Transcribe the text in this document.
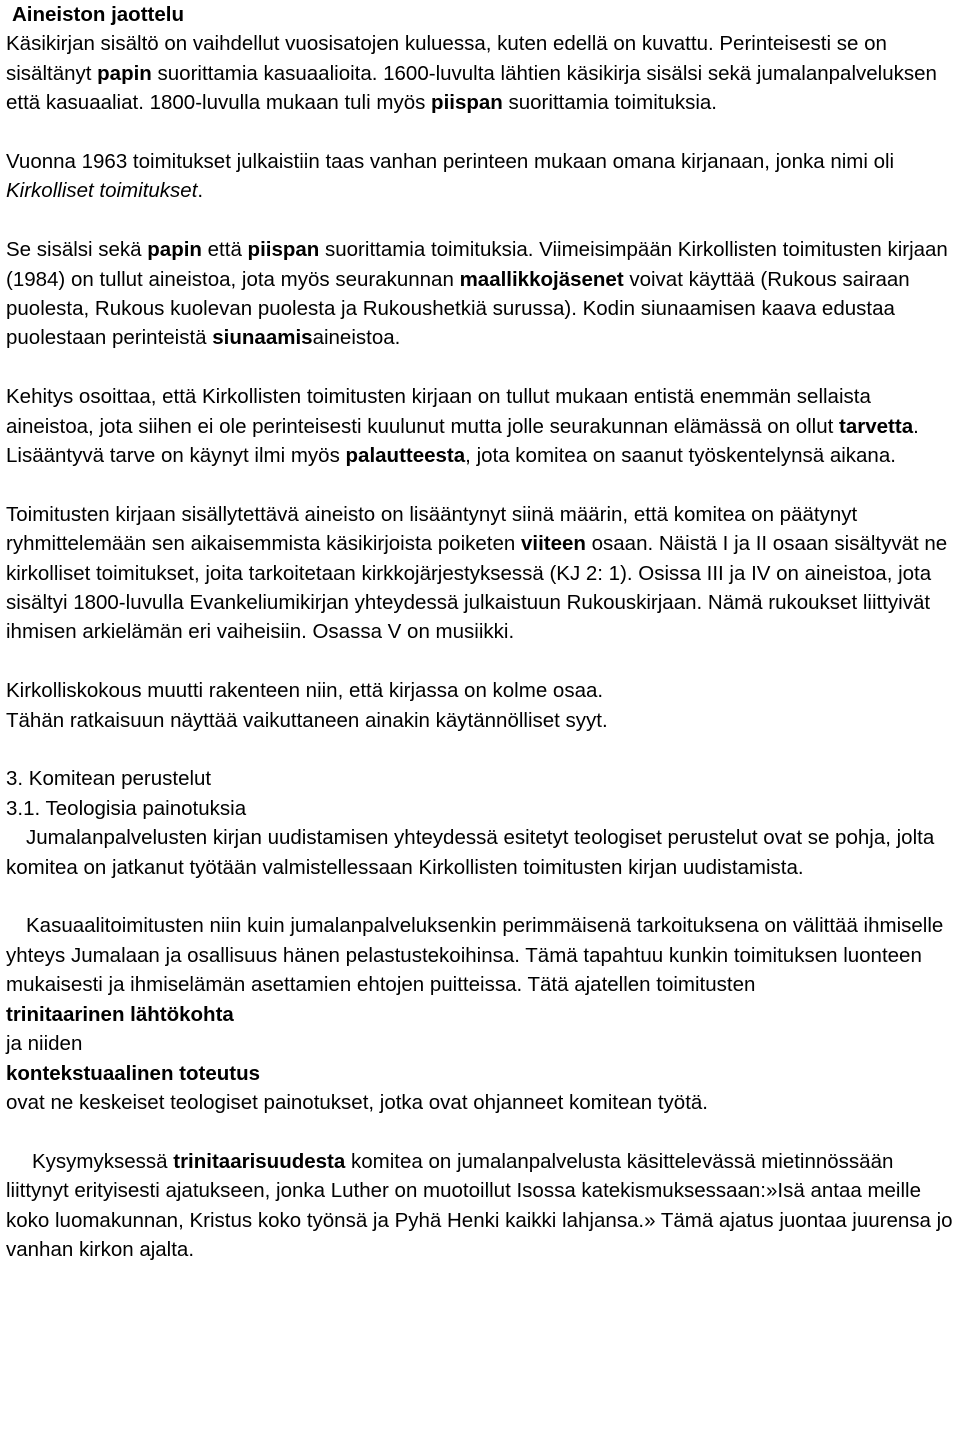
Aineiston jaottelu

Käsikirjan sisältö on vaihdellut vuosisatojen kuluessa, kuten edellä on kuvattu. Perinteisesti se on sisältänyt papin suorittamia kasuaalioita. 1600-luvulta lähtien käsikirja sisälsi sekä jumalanpalveluksen että kasuaaliat. 1800-luvulla mukaan tuli myös piispan suorittamia toimituksia.

Vuonna 1963 toimitukset julkaistiin taas vanhan perinteen mukaan omana kirjanaan, jonka nimi oli Kirkolliset toimitukset.

Se sisälsi sekä papin että piispan suorittamia toimituksia. Viimeisimpään Kirkollisten toimitusten kirjaan (1984) on tullut aineistoa, jota myös seurakunnan maallikkojäsenet voivat käyttää (Rukous sairaan puolesta, Rukous kuolevan puolesta ja Rukoushetkiä surussa). Kodin siunaamisen kaava edustaa puolestaan perinteistä siunaamisaineistoa.

Kehitys osoittaa, että Kirkollisten toimitusten kirjaan on tullut mukaan entistä enemmän sellaista aineistoa, jota siihen ei ole perinteisesti kuulunut mutta jolle seurakunnan elämässä on ollut tarvetta. Lisääntyvä tarve on käynyt ilmi myös palautteesta, jota komitea on saanut työskentelynsä aikana.

Toimitusten kirjaan sisällytettävä aineisto on lisääntynyt siinä määrin, että komitea on päätynyt ryhmittelemään sen aikaisemmista käsikirjoista poiketen viiteen osaan. Näistä I ja II osaan sisältyvät ne kirkolliset toimitukset, joita tarkoitetaan kirkkojärjestyksessä (KJ 2: 1). Osissa III ja IV on aineistoa, jota sisältyi 1800-luvulla Evankeliumikirjan yhteydessä julkaistuun Rukouskirjaan. Nämä rukoukset liittyivät ihmisen arkielämän eri vaiheisiin. Osassa V on musiikki.

Kirkolliskokous muutti rakenteen niin, että kirjassa on kolme osaa.
Tähän ratkaisuun näyttää vaikuttaneen ainakin käytännölliset syyt.

3. Komitean perustelut

3.1. Teologisia painotuksia

Jumalanpalvelusten kirjan uudistamisen yhteydessä esitetyt teologiset perustelut ovat se pohja, jolta komitea on jatkanut työtään valmistellessaan Kirkollisten toimitusten kirjan uudistamista.

Kasuaalitoimitusten niin kuin jumalanpalveluksenkin perimmäisenä tarkoituksena on välittää ihmiselle yhteys Jumalaan ja osallisuus hänen pelastustekoihinsa. Tämä tapahtuu kunkin toimituksen luonteen mukaisesti ja ihmiselämän asettamien ehtojen puitteissa. Tätä ajatellen toimitusten
trinitaarinen lähtökohta
ja niiden
kontekstuaalinen toteutus
ovat ne keskeiset teologiset painotukset, jotka ovat ohjanneet komitean työtä.

Kysymyksessä trinitaarisuudesta komitea on jumalanpalvelusta käsittelevässä mietinnössään liittynyt erityisesti ajatukseen, jonka Luther on muotoillut Isossa katekismuksessaan:»Isä antaa meille koko luomakunnan, Kristus koko työnsä ja Pyhä Henki kaikki lahjansa.» Tämä ajatus juontaa juurensa jo vanhan kirkon ajalta.
